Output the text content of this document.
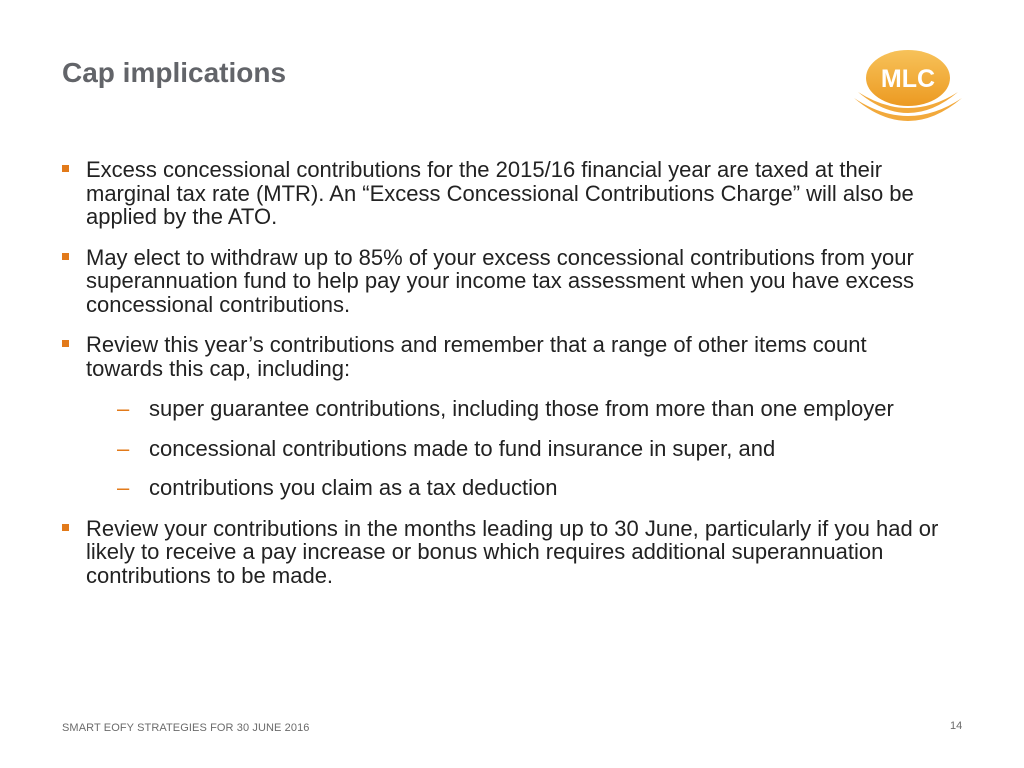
Cap implications	MLC
Excess concessional contributions for the 2015/16 financial year are taxed at their marginal tax rate (MTR). An “Excess Concessional Contributions Charge” will also be applied by the ATO.
May elect to withdraw up to 85% of your excess concessional contributions from your superannuation fund to help pay your income tax assessment when you have excess concessional contributions.
Review this year’s contributions and remember that a range of other items count towards this cap, including:
– super guarantee contributions, including those from more than one employer
– concessional contributions made to fund insurance in super, and
– contributions you claim as a tax deduction
Review your contributions in the months leading up to 30 June, particularly if you had or likely to receive a pay increase or bonus which requires additional superannuation contributions to be made.
SMART EOFY STRATEGIES FOR 30 JUNE 2016	14
